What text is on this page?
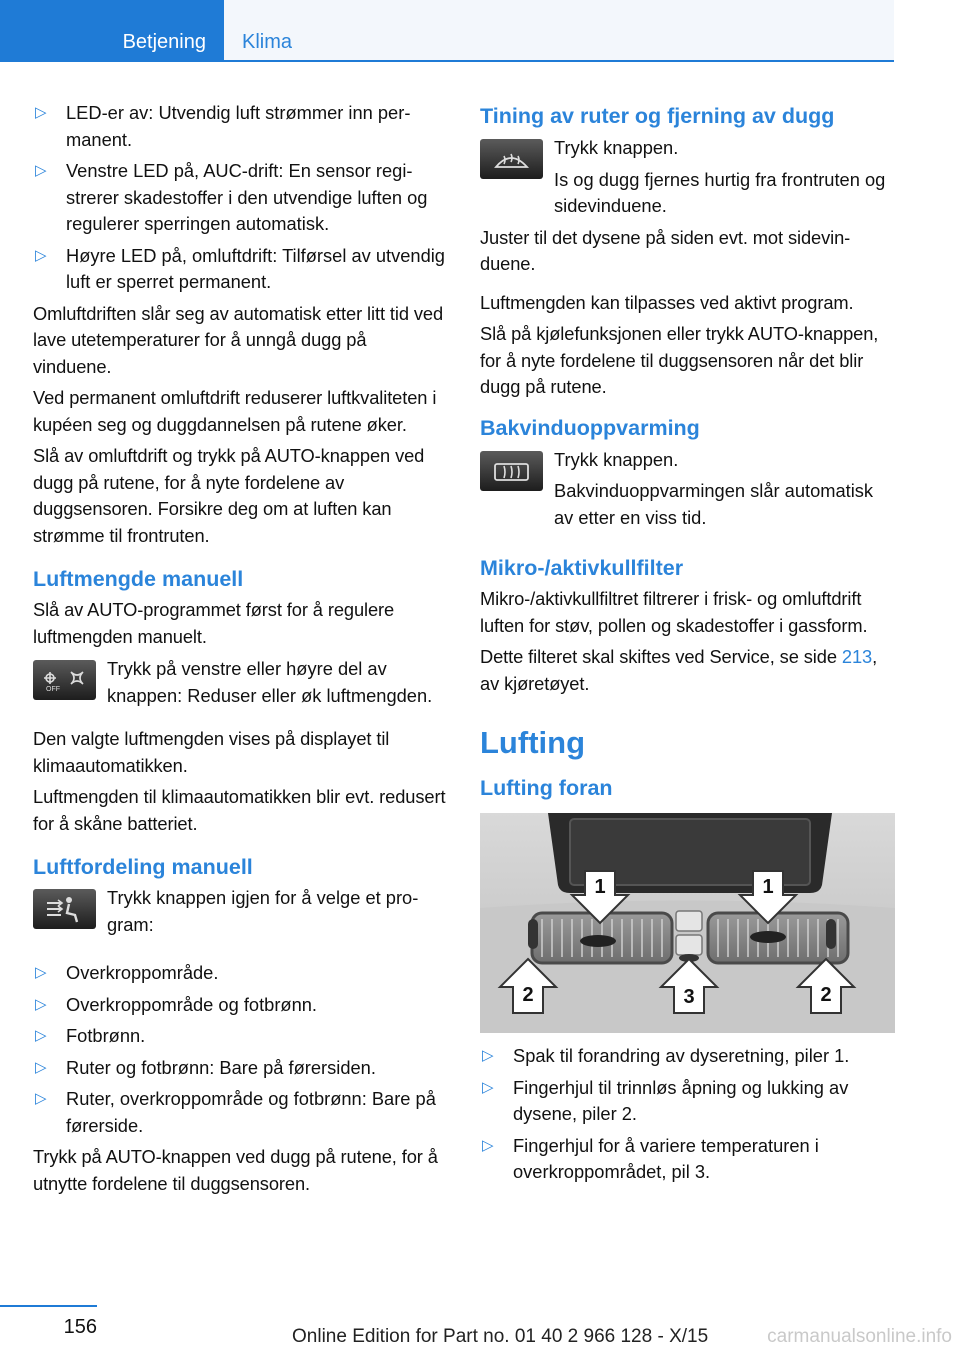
Betjening Klima
▷ LED-er av: Utvendig luft strømmer inn permanent.
▷ Venstre LED på, AUC-drift: En sensor registrerer skadestoffer i den utvendige luften og regulerer sperringen automatisk.
▷ Høyre LED på, omluftdrift: Tilførsel av utvendig luft er sperret permanent.

Omluftdriften slår seg av automatisk etter litt tid ved lave utetemperaturer for å unngå dugg på vinduene.

Ved permanent omluftdrift reduserer luftkvaliteten i kupéen seg og duggdannelsen på rutene øker.

Slå av omluftdrift og trykk på AUTO-knappen ved dugg på rutene, for å nyte fordelene av duggsensoren. Forsikre deg om at luften kan strømme til frontruten.

Luftmengde manuell

Slå av AUTO-programmet først for å regulere luftmengden manuelt.

OFF

Trykk på venstre eller høyre del av knappen: Reduser eller øk luftmengden.

Den valgte luftmengden vises på displayet til klimaautomatikken.

Luftmengden til klimaautomatikken blir evt. redusert for å skåne batteriet.

Luftfordeling manuell

Trykk knappen igjen for å velge et program:

▷ Overkroppområde.
▷ Overkroppområde og fotbrønn.
▷ Fotbrønn.
▷ Ruter og fotbrønn: Bare på førersiden.
▷ Ruter, overkroppområde og fotbrønn: Bare på førerside.

Trykk på AUTO-knappen ved dugg på rutene, for å utnytte fordelene til duggsensoren.

Tining av ruter og fjerning av dugg

Trykk knappen.

Is og dugg fjernes hurtig fra frontruten og sidevinduene.

Juster til det dysene på siden evt. mot sidevinduene.

Luftmengden kan tilpasses ved aktivt program.

Slå på kjølefunksjonen eller trykk AUTO-knappen, for å nyte fordelene til duggsensoren når det blir dugg på rutene.

Bakvinduoppvarming

Trykk knappen.

Bakvinduoppvarmingen slår automatisk av etter en viss tid.

Mikro-/aktivkullfilter

Mikro-/aktivkullfiltret filtrerer i frisk- og omluftdrift luften for støv, pollen og skadestoffer i gassform.

Dette filteret skal skiftes ved Service, se side 213, av kjøretøyet.

Lufting
Lufting foran
1	1
2	3	2
▷ Spak til forandring av dyseretning, piler 1.
▷ Fingerhjul til trinnløs åpning og lukking av dysene, piler 2.
▷ Fingerhjul for å variere temperaturen i overkroppområdet, pil 3.
156	Online Edition for Part no. 01 40 2 966 128 - X/15	carmanualsonline.info
